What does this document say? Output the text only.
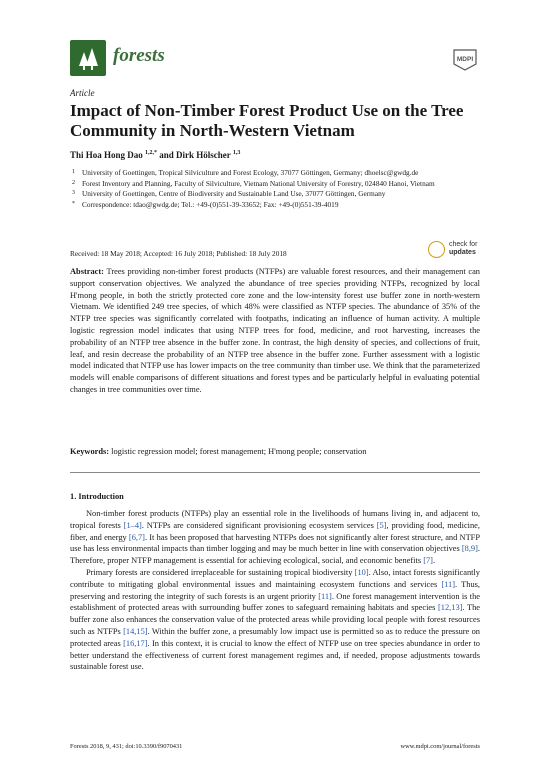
forests	MDPI
Article
Impact of Non-Timber Forest Product Use on the Tree Community in North-Western Vietnam
Thi Hoa Hong Dao $^{1,2,*}$ and Dirk Hölscher $^{1,3}$
1 University of Goettingen, Tropical Silviculture and Forest Ecology, 37077 Göttingen, Germany; dhoelsc@gwdg.de
2 Forest Inventory and Planning, Faculty of Silviculture, Vietnam National University of Forestry, 024840 Hanoi, Vietnam
3 University of Goettingen, Centre of Biodiversity and Sustainable Land Use, 37077 Göttingen, Germany
* Correspondence: tdao@gwdg.de; Tel.: +49-(0)551-39-33652; Fax: +49-(0)551-39-4019
Received: 18 May 2018; Accepted: 16 July 2018; Published: 18 July 2018
check for
updates

Abstract: Trees providing non-timber forest products (NTFPs) are valuable forest resources, and their management can support conservation objectives. We analyzed the abundance of tree species providing NTFPs, recognized by local H'mong people, in both the strictly protected core zone and the low-intensity forest use buffer zone in north-western Vietnam. We identified 249 tree species, of which 48% were classified as NTFP species. The abundance of 35% of the NTFP tree species was significantly correlated with footpaths, indicating an influence of human activity. A multiple logistic regression model indicates that using NTFP trees for food, medicine, and root harvesting, increases the probability of an NTFP tree absence in the buffer zone. In contrast, the high density of species, and collections of fruit, leaf, and resin decrease the probability of an NTFP tree absence in the buffer zone. Further assessment with a logistic model indicated that NTFP use has lower impacts on the tree community than timber use. We think that the parameterized models will enable comparisons of different situations and forest types and be particularly helpful in evaluating potential changes in tree communities over time.

Keywords: logistic regression model; forest management; H'mong people; conservation

1. Introduction

Non-timber forest products (NTFPs) play an essential role in the livelihoods of humans living in, and adjacent to, tropical forests [1–4]. NTFPs are considered significant provisioning ecosystem services [5], providing food, medicine, fiber, and energy [6,7]. It has been proposed that harvesting NTFPs does not significantly alter forest structure, and NTFP use has less environmental impacts than timber logging and may be much better in line with conservation objectives [8,9]. Therefore, proper NTFP management is essential for achieving ecological, social, and economic benefits [7].

Primary forests are considered irreplaceable for sustaining tropical biodiversity [10]. Also, intact forests significantly contribute to mitigating global environmental issues and maintaining ecosystem functions and services [11]. Thus, preserving and restoring the integrity of such forests is an urgent priority [11]. One forest management intervention is the establishment of protected areas with surrounding buffer zones to safeguard remaining habitats and species [12,13]. The buffer zone also enhances the conservation value of the protected areas while providing local people with forest resources such as NTFPs [14,15]. Within the buffer zone, a presumably low impact use is permitted so as to reduce the pressure on protected areas [16,17]. In this context, it is crucial to know the effect of NTFP use on tree species abundance in order to better understand the effectiveness of current forest management regimes and, if needed, propose adjustments towards sustainable forest use.

Forests 2018, 9, 431; doi:10.3390/f9070431	www.mdpi.com/journal/forests
